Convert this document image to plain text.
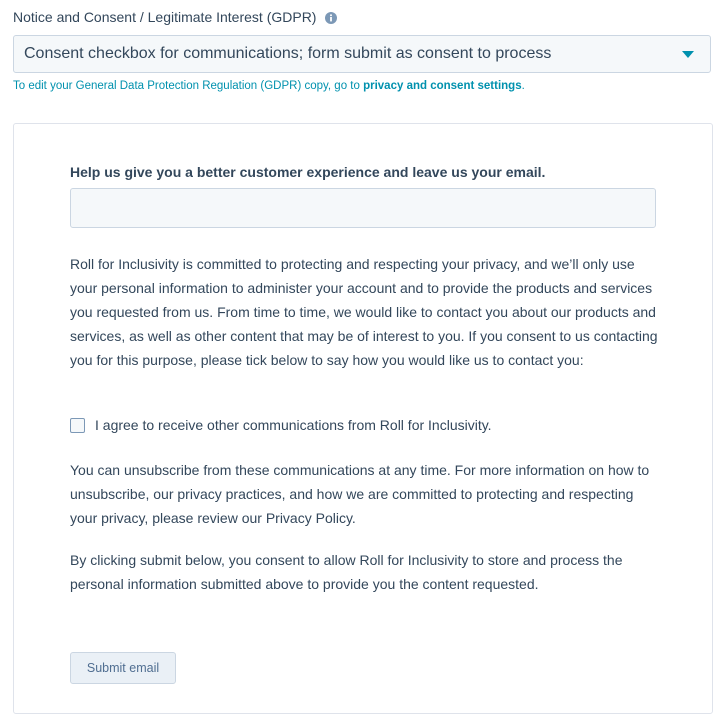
Notice and Consent / Legitimate Interest (GDPR)
Consent checkbox for communications; form submit as consent to process
To edit your General Data Protection Regulation (GDPR) copy, go to privacy and consent settings.
Help us give you a better customer experience and leave us your email.

Roll for Inclusivity is committed to protecting and respecting your privacy, and we’ll only use your personal information to administer your account and to provide the products and services you requested from us. From time to time, we would like to contact you about our products and services, as well as other content that may be of interest to you. If you consent to us contacting you for this purpose, please tick below to say how you would like us to contact you:

I agree to receive other communications from Roll for Inclusivity.

You can unsubscribe from these communications at any time. For more information on how to unsubscribe, our privacy practices, and how we are committed to protecting and respecting your privacy, please review our Privacy Policy.

By clicking submit below, you consent to allow Roll for Inclusivity to store and process the personal information submitted above to provide you the content requested.

Submit email
